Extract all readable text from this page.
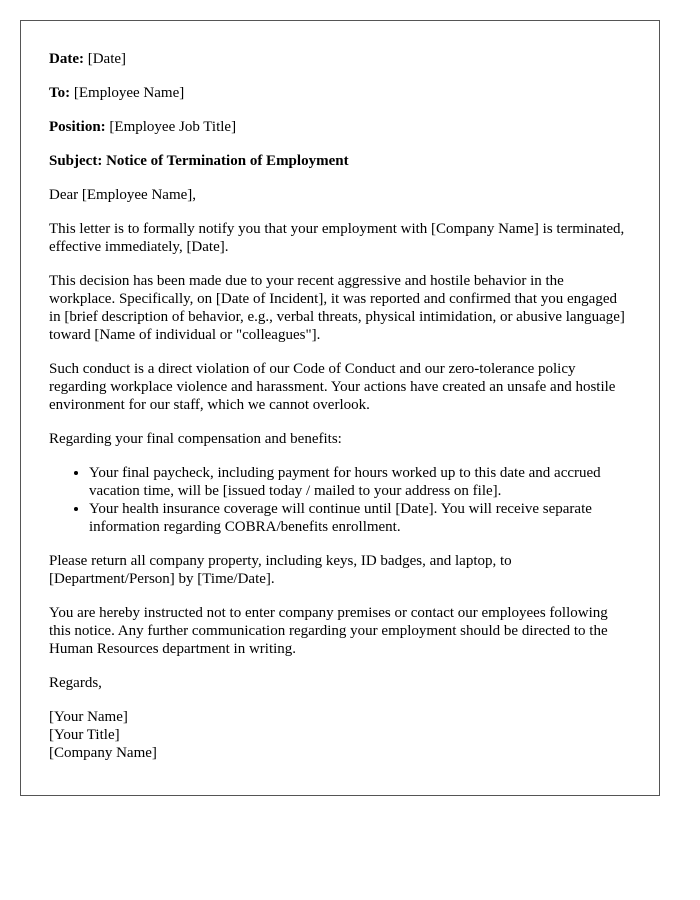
Date: [Date]

To: [Employee Name]

Position: [Employee Job Title]

Subject: Notice of Termination of Employment

Dear [Employee Name],

This letter is to formally notify you that your employment with [Company Name] is terminated, effective immediately, [Date].

This decision has been made due to your recent aggressive and hostile behavior in the workplace. Specifically, on [Date of Incident], it was reported and confirmed that you engaged in [brief description of behavior, e.g., verbal threats, physical intimidation, or abusive language] toward [Name of individual or "colleagues"].

Such conduct is a direct violation of our Code of Conduct and our zero-tolerance policy regarding workplace violence and harassment. Your actions have created an unsafe and hostile environment for our staff, which we cannot overlook.

Regarding your final compensation and benefits:

• Your final paycheck, including payment for hours worked up to this date and accrued vacation time, will be [issued today / mailed to your address on file].
• Your health insurance coverage will continue until [Date]. You will receive separate information regarding COBRA/benefits enrollment.

Please return all company property, including keys, ID badges, and laptop, to [Department/Person] by [Time/Date].

You are hereby instructed not to enter company premises or contact our employees following this notice. Any further communication regarding your employment should be directed to the Human Resources department in writing.

Regards,

[Your Name]
[Your Title]
[Company Name]
